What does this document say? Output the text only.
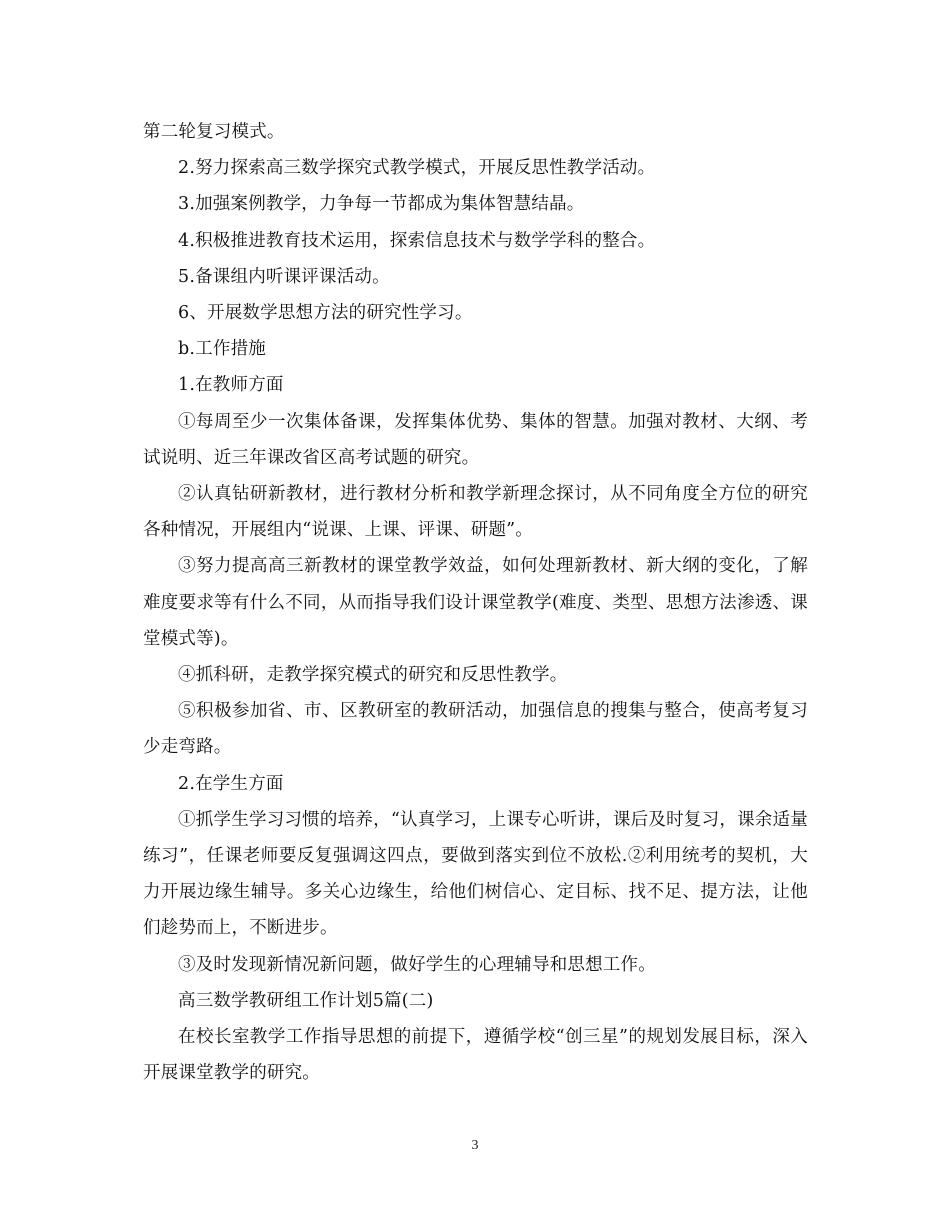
第二轮复习模式。

2.努力探索高三数学探究式教学模式，开展反思性教学活动。

3.加强案例教学，力争每一节都成为集体智慧结晶。

4.积极推进教育技术运用，探索信息技术与数学学科的整合。

5.备课组内听课评课活动。

6、开展数学思想方法的研究性学习。

b.工作措施

1.在教师方面

①每周至少一次集体备课，发挥集体优势、集体的智慧。加强对教材、大纲、考试说明、近三年课改省区高考试题的研究。

②认真钻研新教材，进行教材分析和教学新理念探讨，从不同角度全方位的研究各种情况，开展组内“说课、上课、评课、研题”。

③努力提高高三新教材的课堂教学效益，如何处理新教材、新大纲的变化，了解难度要求等有什么不同，从而指导我们设计课堂教学(难度、类型、思想方法渗透、课堂模式等)。

④抓科研，走教学探究模式的研究和反思性教学。

⑤积极参加省、市、区教研室的教研活动，加强信息的搜集与整合，使高考复习少走弯路。

2.在学生方面

①抓学生学习习惯的培养，“认真学习，上课专心听讲，课后及时复习，课余适量练习”，任课老师要反复强调这四点，要做到落实到位不放松.②利用统考的契机，大力开展边缘生辅导。多关心边缘生，给他们树信心、定目标、找不足、提方法，让他们趁势而上，不断进步。

③及时发现新情况新问题，做好学生的心理辅导和思想工作。

高三数学教研组工作计划5篇(二)

在校长室教学工作指导思想的前提下，遵循学校“创三星”的规划发展目标，深入开展课堂教学的研究。

3
